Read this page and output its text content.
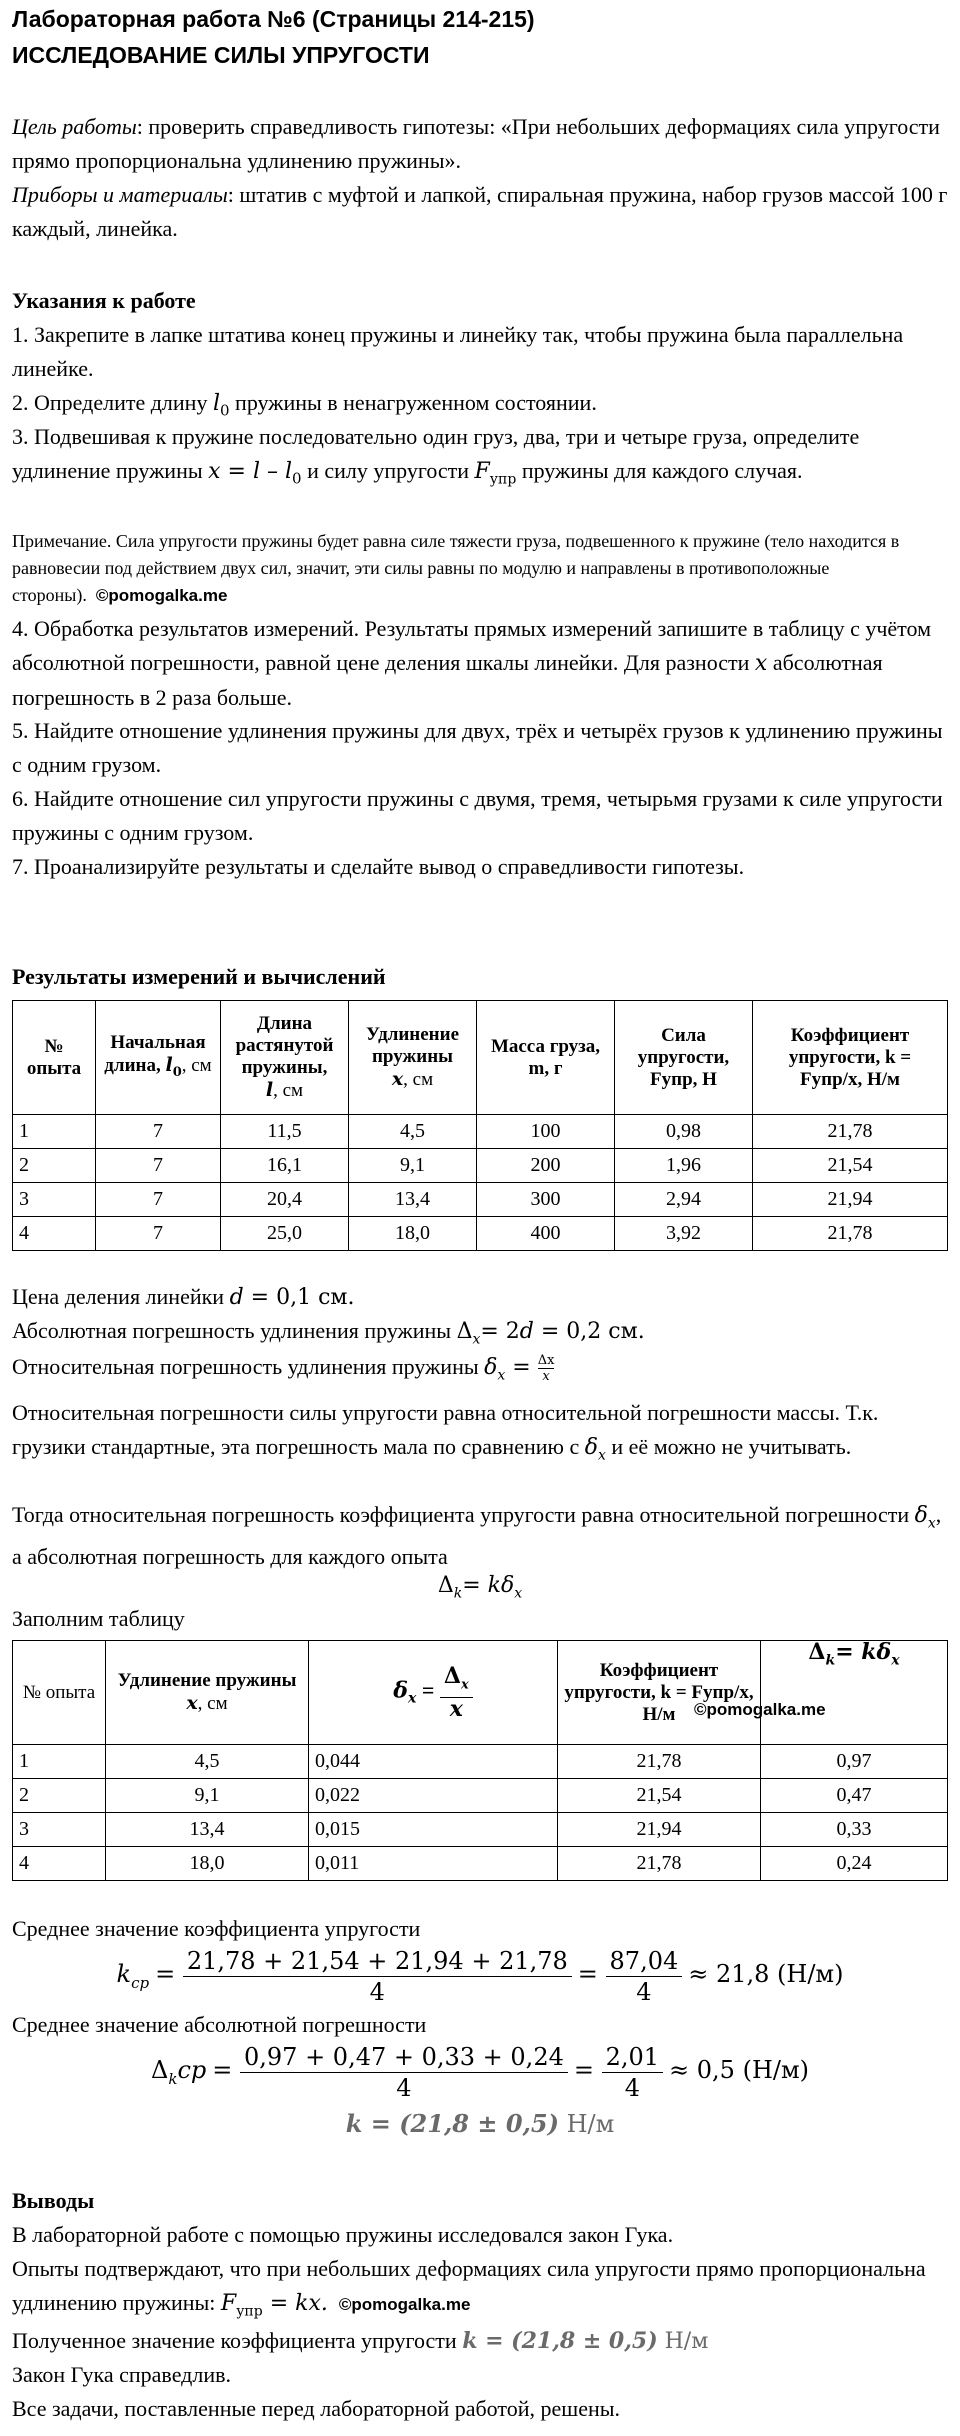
Лабораторная работа №6 (Страницы 214-215)
ИССЛЕДОВАНИЕ СИЛЫ УПРУГОСТИ
Цель работы: проверить справедливость гипотезы: «При небольших деформациях сила упругости прямо пропорциональна удлинению пружины».
Приборы и материалы: штатив с муфтой и лапкой, спиральная пружина, набор грузов массой 100 г каждый, линейка.
Указания к работе
1. Закрепите в лапке штатива конец пружины и линейку так, чтобы пружина была параллельна линейке.
2. Определите длину $l_0$ пружины в ненагруженном состоянии.
3. Подвешивая к пружине последовательно один груз, два, три и четыре груза, определите удлинение пружины $x = l - l_0$ и силу упругости $F_{упр}$ пружины для каждого случая.
Примечание. Сила упругости пружины будет равна силе тяжести груза, подвешенного к пружине (тело находится в равновесии под действием двух сил, значит, эти силы равны по модулю и направлены в противоположные стороны). ©pomogalka.me
4. Обработка результатов измерений. Результаты прямых измерений запишите в таблицу с учётом абсолютной погрешности, равной цене деления шкалы линейки. Для разности x абсолютная погрешность в 2 раза больше.
5. Найдите отношение удлинения пружины для двух, трёх и четырёх грузов к удлинению пружины с одним грузом.
6. Найдите отношение сил упругости пружины с двумя, тремя, четырьмя грузами к силе упругости пружины с одним грузом.
7. Проанализируйте результаты и сделайте вывод о справедливости гипотезы.
Результаты измерений и вычислений
№ опыта	Начальная длина, $l_0$, см	Длина растянутой пружины,
l, см	Удлинение пружины
x, см	Масса груза, m, г	Сила упругости, Fупр, Н	Коэффициент упругости, k = Fупр/x, Н/м
1	7	11,5	4,5	100	0,98	21,78
2	7	16,1	9,1	200	1,96	21,54
3	7	20,4	13,4	300	2,94	21,94
4	7	25,0	18,0	400	3,92	21,78
Цена деления линейки d = 0,1 см.
Абсолютная погрешность удлинения пружины $\Delta_x= 2d = 0,2$ см.
Относительная погрешность удлинения пружины $\delta_x = \frac{\Delta x}{x}$
Относительная погрешности силы упругости равна относительной погрешности массы. Т.к. грузики стандартные, эта погрешность мала по сравнению с $\delta_x$ и её можно не учитывать.
Тогда относительная погрешность коэффициента упругости равна относительной погрешности $\delta_x$, а абсолютная погрешность для каждого опыта
$\Delta_k= k\delta_x$
Заполним таблицу
№ опыта	Удлинение пружины
x, см	$\delta_x = \frac{\Delta_x}{x}$	Коэффициент упругости, k = Fупр/x, Н/м	$\Delta_k= k\delta_x$
1	4,5	0,044	21,78	0,97
2	9,1	0,022	21,54	0,47
3	13,4	0,015	21,94	0,33
4	18,0	0,011	21,78	0,24
©pomogalka.me
Среднее значение коэффициента упругости
$k_{ср} = \frac{21,78 + 21,54 + 21,94 + 21,78}{4} = \frac{87,04}{4} \approx 21,8$ (Н/м)
Среднее значение абсолютной погрешности
$\Delta_kcp = \frac{0,97 + 0,47 + 0,33 + 0,24}{4} = \frac{2,01}{4} \approx 0,5$ (Н/м)
k = (21,8 ± 0,5) Н/м
Выводы
В лабораторной работе с помощью пружины исследовался закон Гука.
Опыты подтверждают, что при небольших деформациях сила упругости прямо пропорциональна удлинению пружины: $F_{упр}$ = kx. ©pomogalka.me
Полученное значение коэффициента упругости k = (21,8 ± 0,5) Н/м
Закон Гука справедлив.
Все задачи, поставленные перед лабораторной работой, решены.
